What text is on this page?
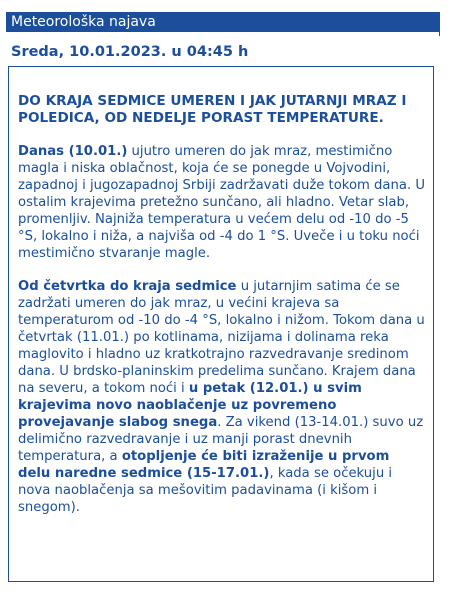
Meteorološka najava
Sreda, 10.01.2023. u 04:45 h

DO KRAJA SEDMICE UMEREN I JAK JUTARNJI MRAZ I POLEDICA, OD NEDELJE PORAST TEMPERATURE.

Danas (10.01.) ujutro umeren do jak mraz, mestimično magla i niska oblačnost, koja će se ponegde u Vojvodini, zapadnoj i jugozapadnoj Srbiji zadržavati duže tokom dana. U ostalim krajevima pretežno sunčano, ali hladno. Vetar slab, promenljiv. Najniža temperatura u većem delu od -10 do -5 °S, lokalno i niža, a najviša od -4 do 1 °S. Uveče i u toku noći mestimično stvaranje magle.

Od četvrtka do kraja sedmice u jutarnjim satima će se zadržati umeren do jak mraz, u većini krajeva sa temperaturom od -10 do -4 °S, lokalno i nižom. Tokom dana u četvrtak (11.01.) po kotlinama, nizijama i dolinama reka maglovito i hladno uz kratkotrajno razvedravanje sredinom dana. U brdsko-planinskim predelima sunčano. Krajem dana na severu, a tokom noći i u petak (12.01.) u svim krajevima novo naoblačenje uz povremeno provejavanje slabog snega. Za vikend (13-14.01.) suvo uz delimično razvedravanje i uz manji porast dnevnih temperatura, a otopljenje će biti izraženije u prvom delu naredne sedmice (15-17.01.), kada se očekuju i nova naoblačenja sa mešovitim padavinama (i kišom i snegom).
